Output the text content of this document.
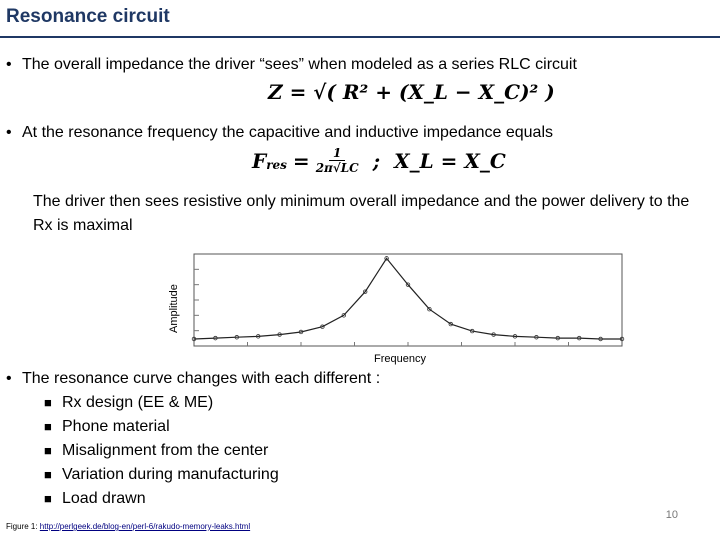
Resonance circuit
• The overall impedance the driver “sees” when modeled as a series RLC circuit
Z = √( R² + (X_L − X_C)² )
• At the resonance frequency the capacitive and inductive impedance equals
$F_{res} = \frac{1}{2\pi√LC}$ ; X_L = X_C
The driver then sees resistive only minimum overall impedance and the power delivery to the Rx is maximal
Amplitude
Frequency
• The resonance curve changes with each different :
■ Rx design (EE & ME)
■ Phone material
■ Misalignment from the center
■ Variation during manufacturing
■ Load drawn
Figure 1: http://perlgeek.de/blog-en/perl-6/rakudo-memory-leaks.html
10
